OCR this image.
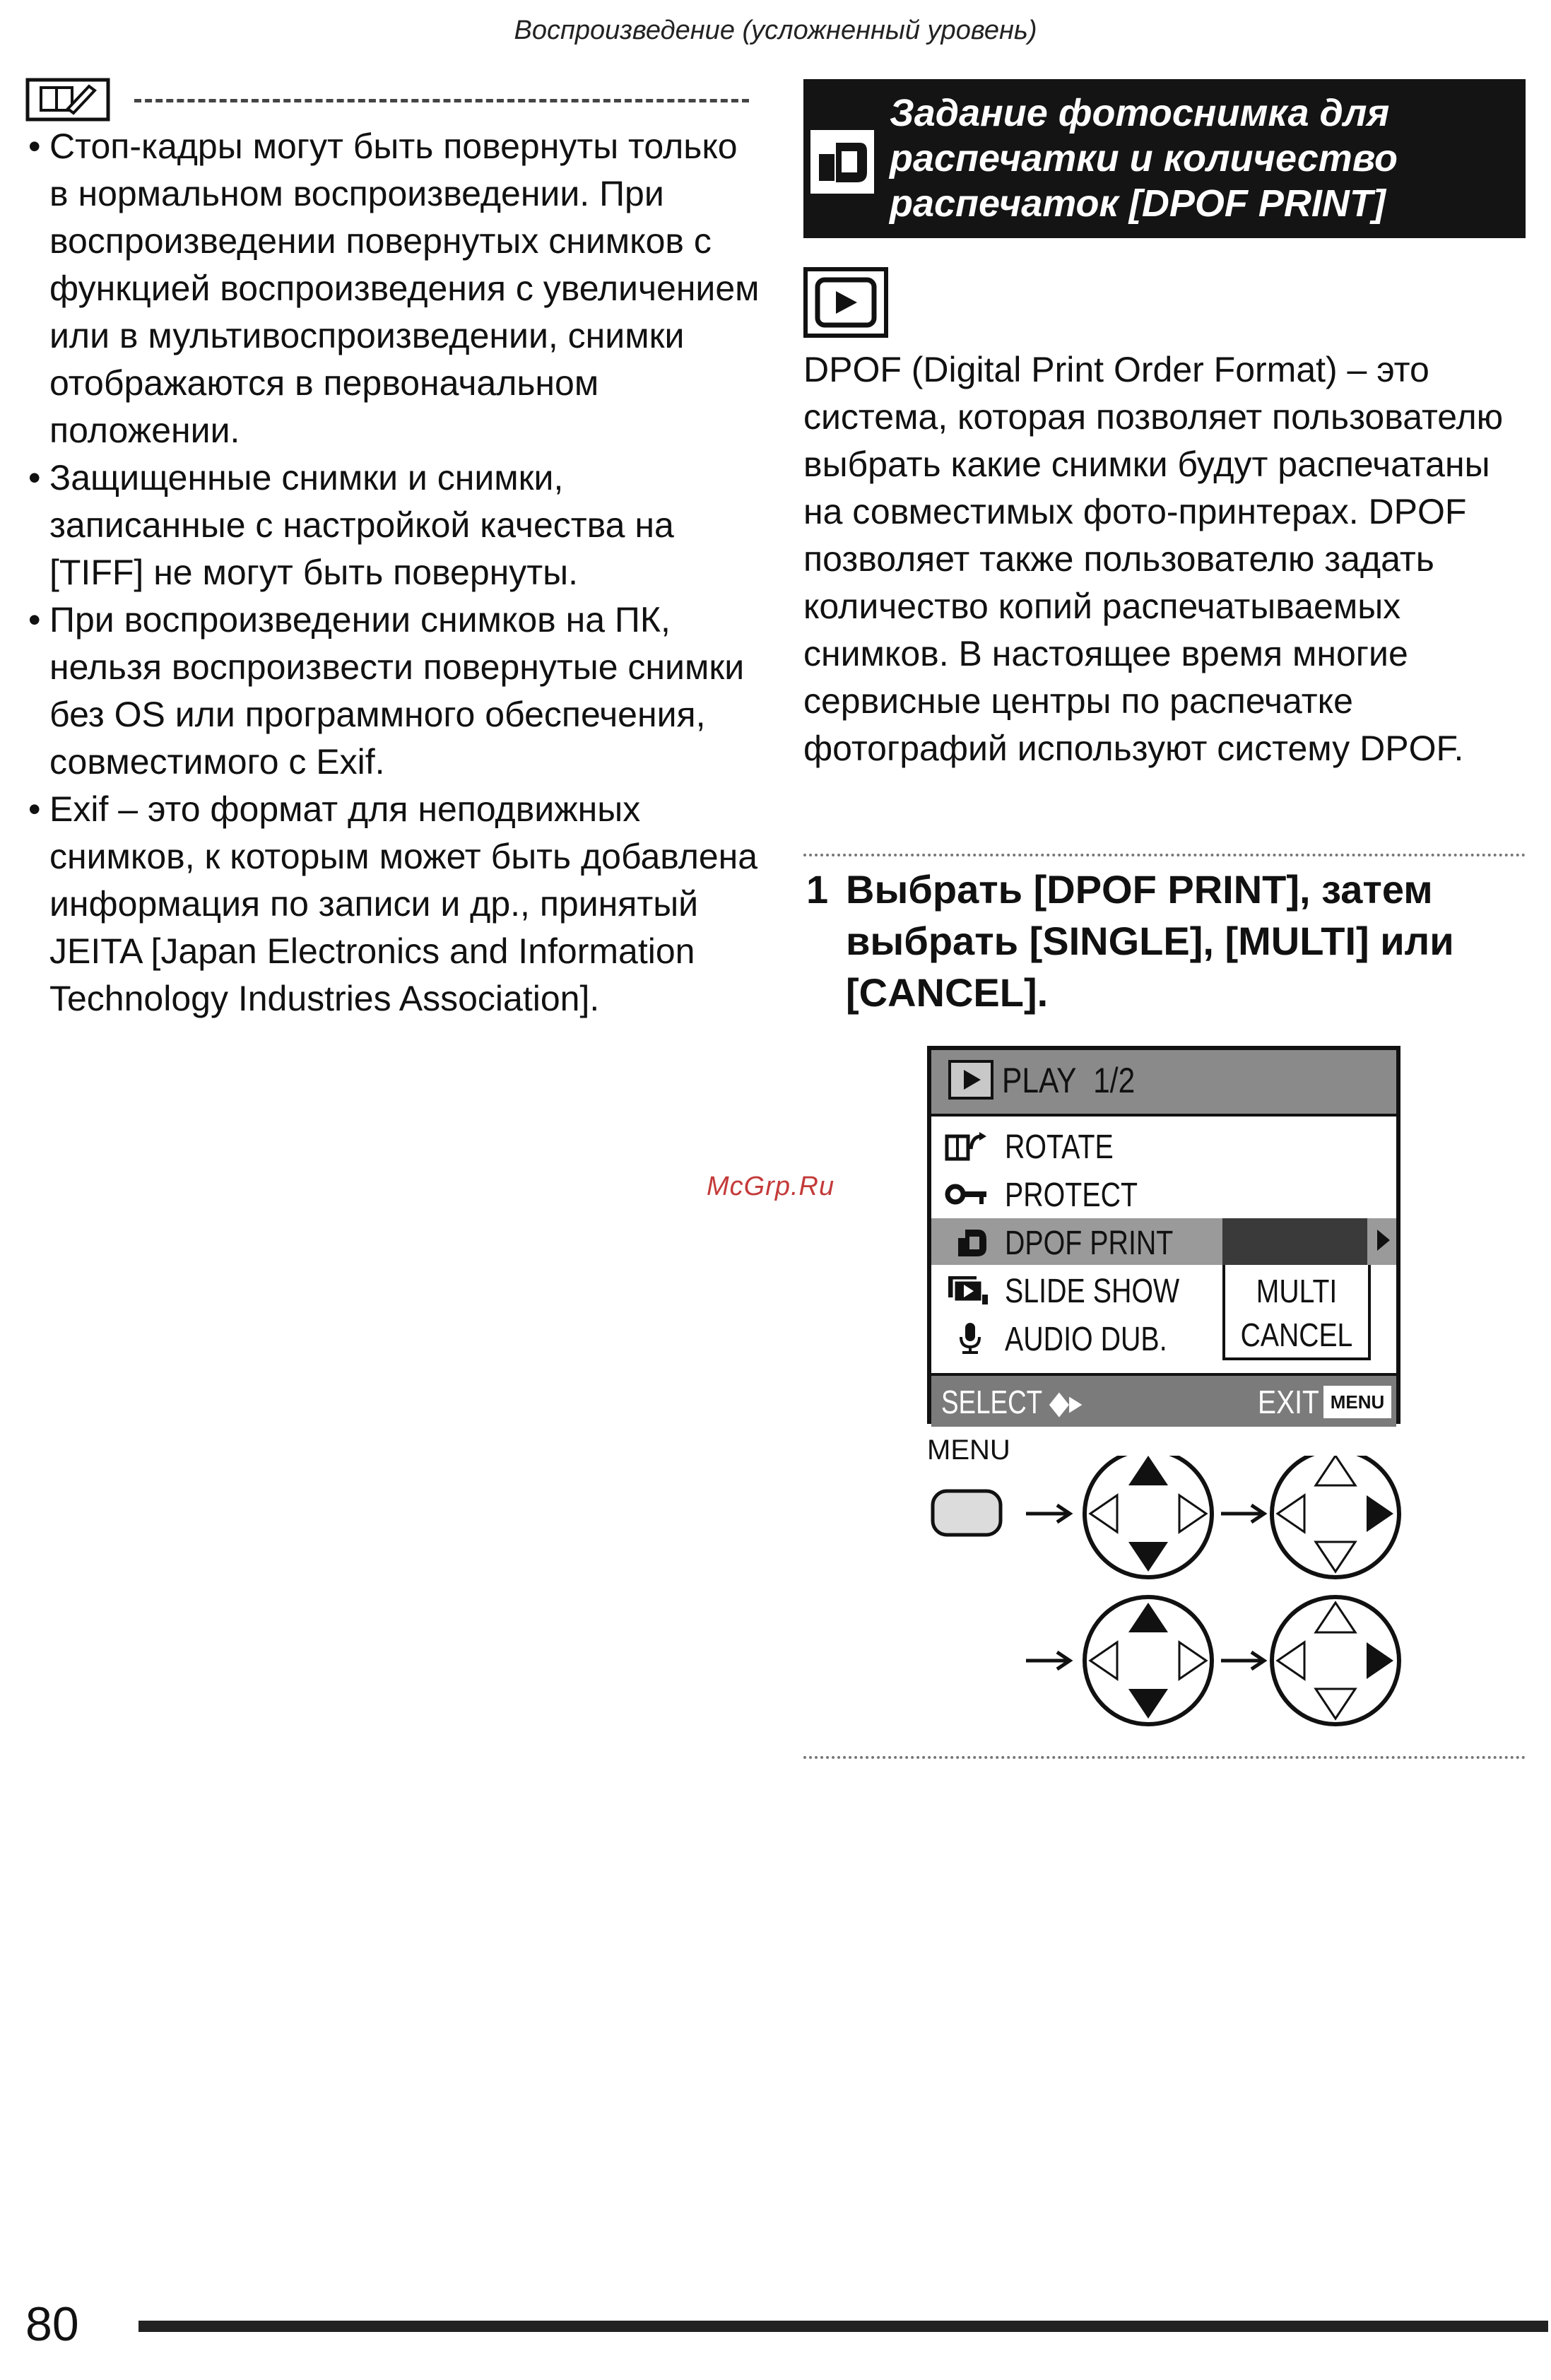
Воспроизведение (усложненный уровень)

• Стоп-кадры могут быть повернуты только в нормальном воспроизведении. При воспроизведении повернутых снимков с функцией воспроизведения с увеличением или в мультивоспроизведении, снимки отображаются в первоначальном положении.

• Защищенные снимки и снимки, записанные с настройкой качества на [TIFF] не могут быть повернуты.

• При воспроизведении снимков на ПК, нельзя воспроизвести повернутые снимки без OS или программного обеспечения, совместимого с Exif.

• Exif – это формат для неподвижных снимков, к которым может быть добавлена информация по записи и др., принятый JEITA [Japan Electronics and Information Technology Industries Association].

McGrp.Ru
Задание фотоснимка для распечатки и количество распечаток [DPOF PRINT]
DPOF (Digital Print Order Format) – это система, которая позволяет пользователю выбрать какие снимки будут распечатаны на совместимых фото-принтерах. DPOF позволяет также пользователю задать количество копий распечатываемых снимков. В настоящее время многие сервисные центры по распечатке фотографий используют систему DPOF.
1 Выбрать [DPOF PRINT], затем выбрать [SINGLE], [MULTI] или [CANCEL].
PLAY 1/2
ROTATE
PROTECT
DPOF PRINT
SLIDE SHOW
AUDIO DUB.
MULTI
CANCEL
SELECT ◆▸	EXIT MENU
MENU
80
